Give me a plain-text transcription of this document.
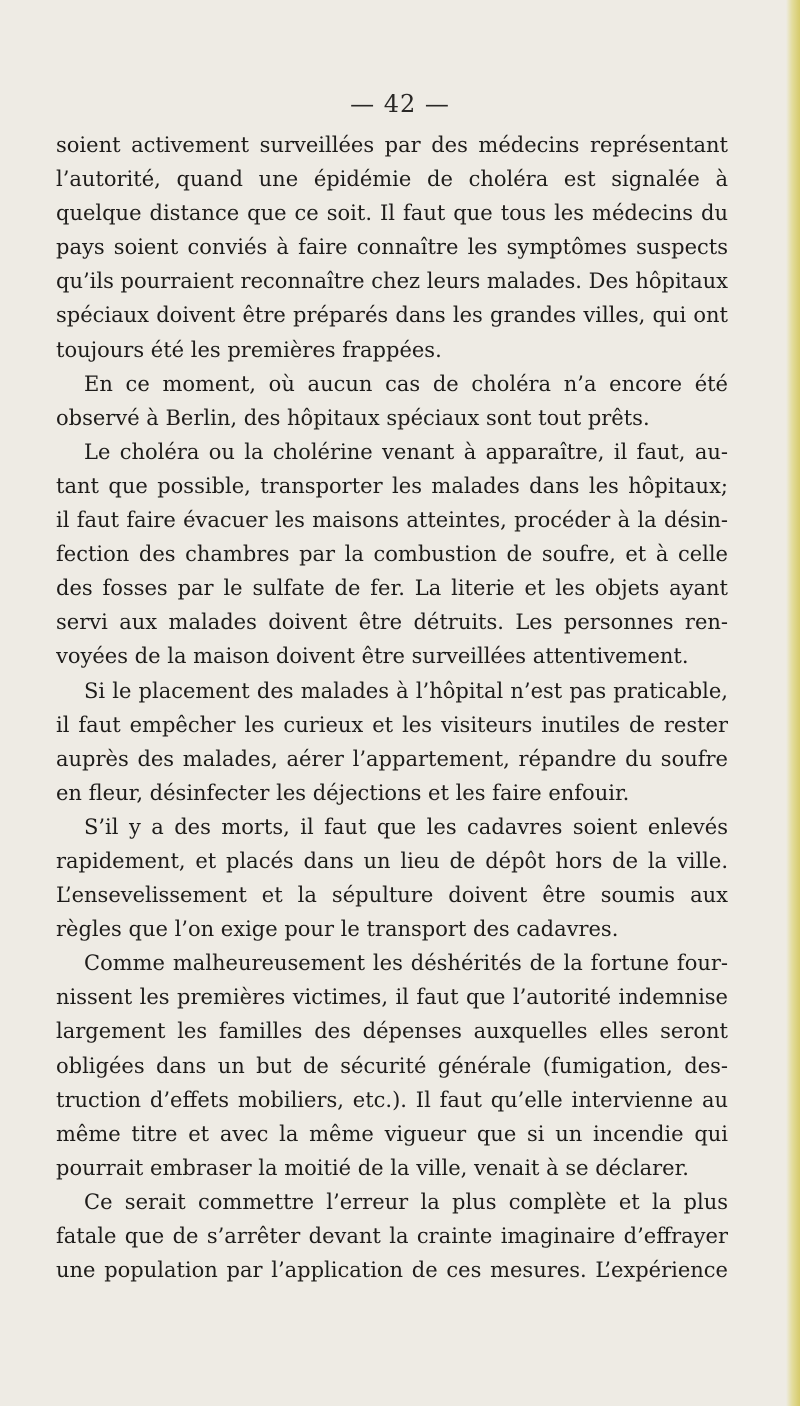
— 42 —
soient activement surveillées par des médecins représentant
l’autorité, quand une épidémie de choléra est signalée à
quelque distance que ce soit. Il faut que tous les médecins du
pays soient conviés à faire connaître les symptômes suspects
qu’ils pourraient reconnaître chez leurs malades. Des hôpitaux
spéciaux doivent être préparés dans les grandes villes, qui ont
toujours été les premières frappées.
En ce moment, où aucun cas de choléra n’a encore été
observé à Berlin, des hôpitaux spéciaux sont tout prêts.
Le choléra ou la cholérine venant à apparaître, il faut, au-
tant que possible, transporter les malades dans les hôpitaux;
il faut faire évacuer les maisons atteintes, procéder à la désin-
fection des chambres par la combustion de soufre, et à celle
des fosses par le sulfate de fer. La literie et les objets ayant
servi aux malades doivent être détruits. Les personnes ren-
voyées de la maison doivent être surveillées attentivement.
Si le placement des malades à l’hôpital n’est pas praticable,
il faut empêcher les curieux et les visiteurs inutiles de rester
auprès des malades, aérer l’appartement, répandre du soufre
en fleur, désinfecter les déjections et les faire enfouir.
S’il y a des morts, il faut que les cadavres soient enlevés
rapidement, et placés dans un lieu de dépôt hors de la ville.
L’ensevelissement et la sépulture doivent être soumis aux
règles que l’on exige pour le transport des cadavres.
Comme malheureusement les déshérités de la fortune four-
nissent les premières victimes, il faut que l’autorité indemnise
largement les familles des dépenses auxquelles elles seront
obligées dans un but de sécurité générale (fumigation, des-
truction d’effets mobiliers, etc.). Il faut qu’elle intervienne au
même titre et avec la même vigueur que si un incendie qui
pourrait embraser la moitié de la ville, venait à se déclarer.
Ce serait commettre l’erreur la plus complète et la plus
fatale que de s’arrêter devant la crainte imaginaire d’effrayer
une population par l’application de ces mesures. L’expérience
